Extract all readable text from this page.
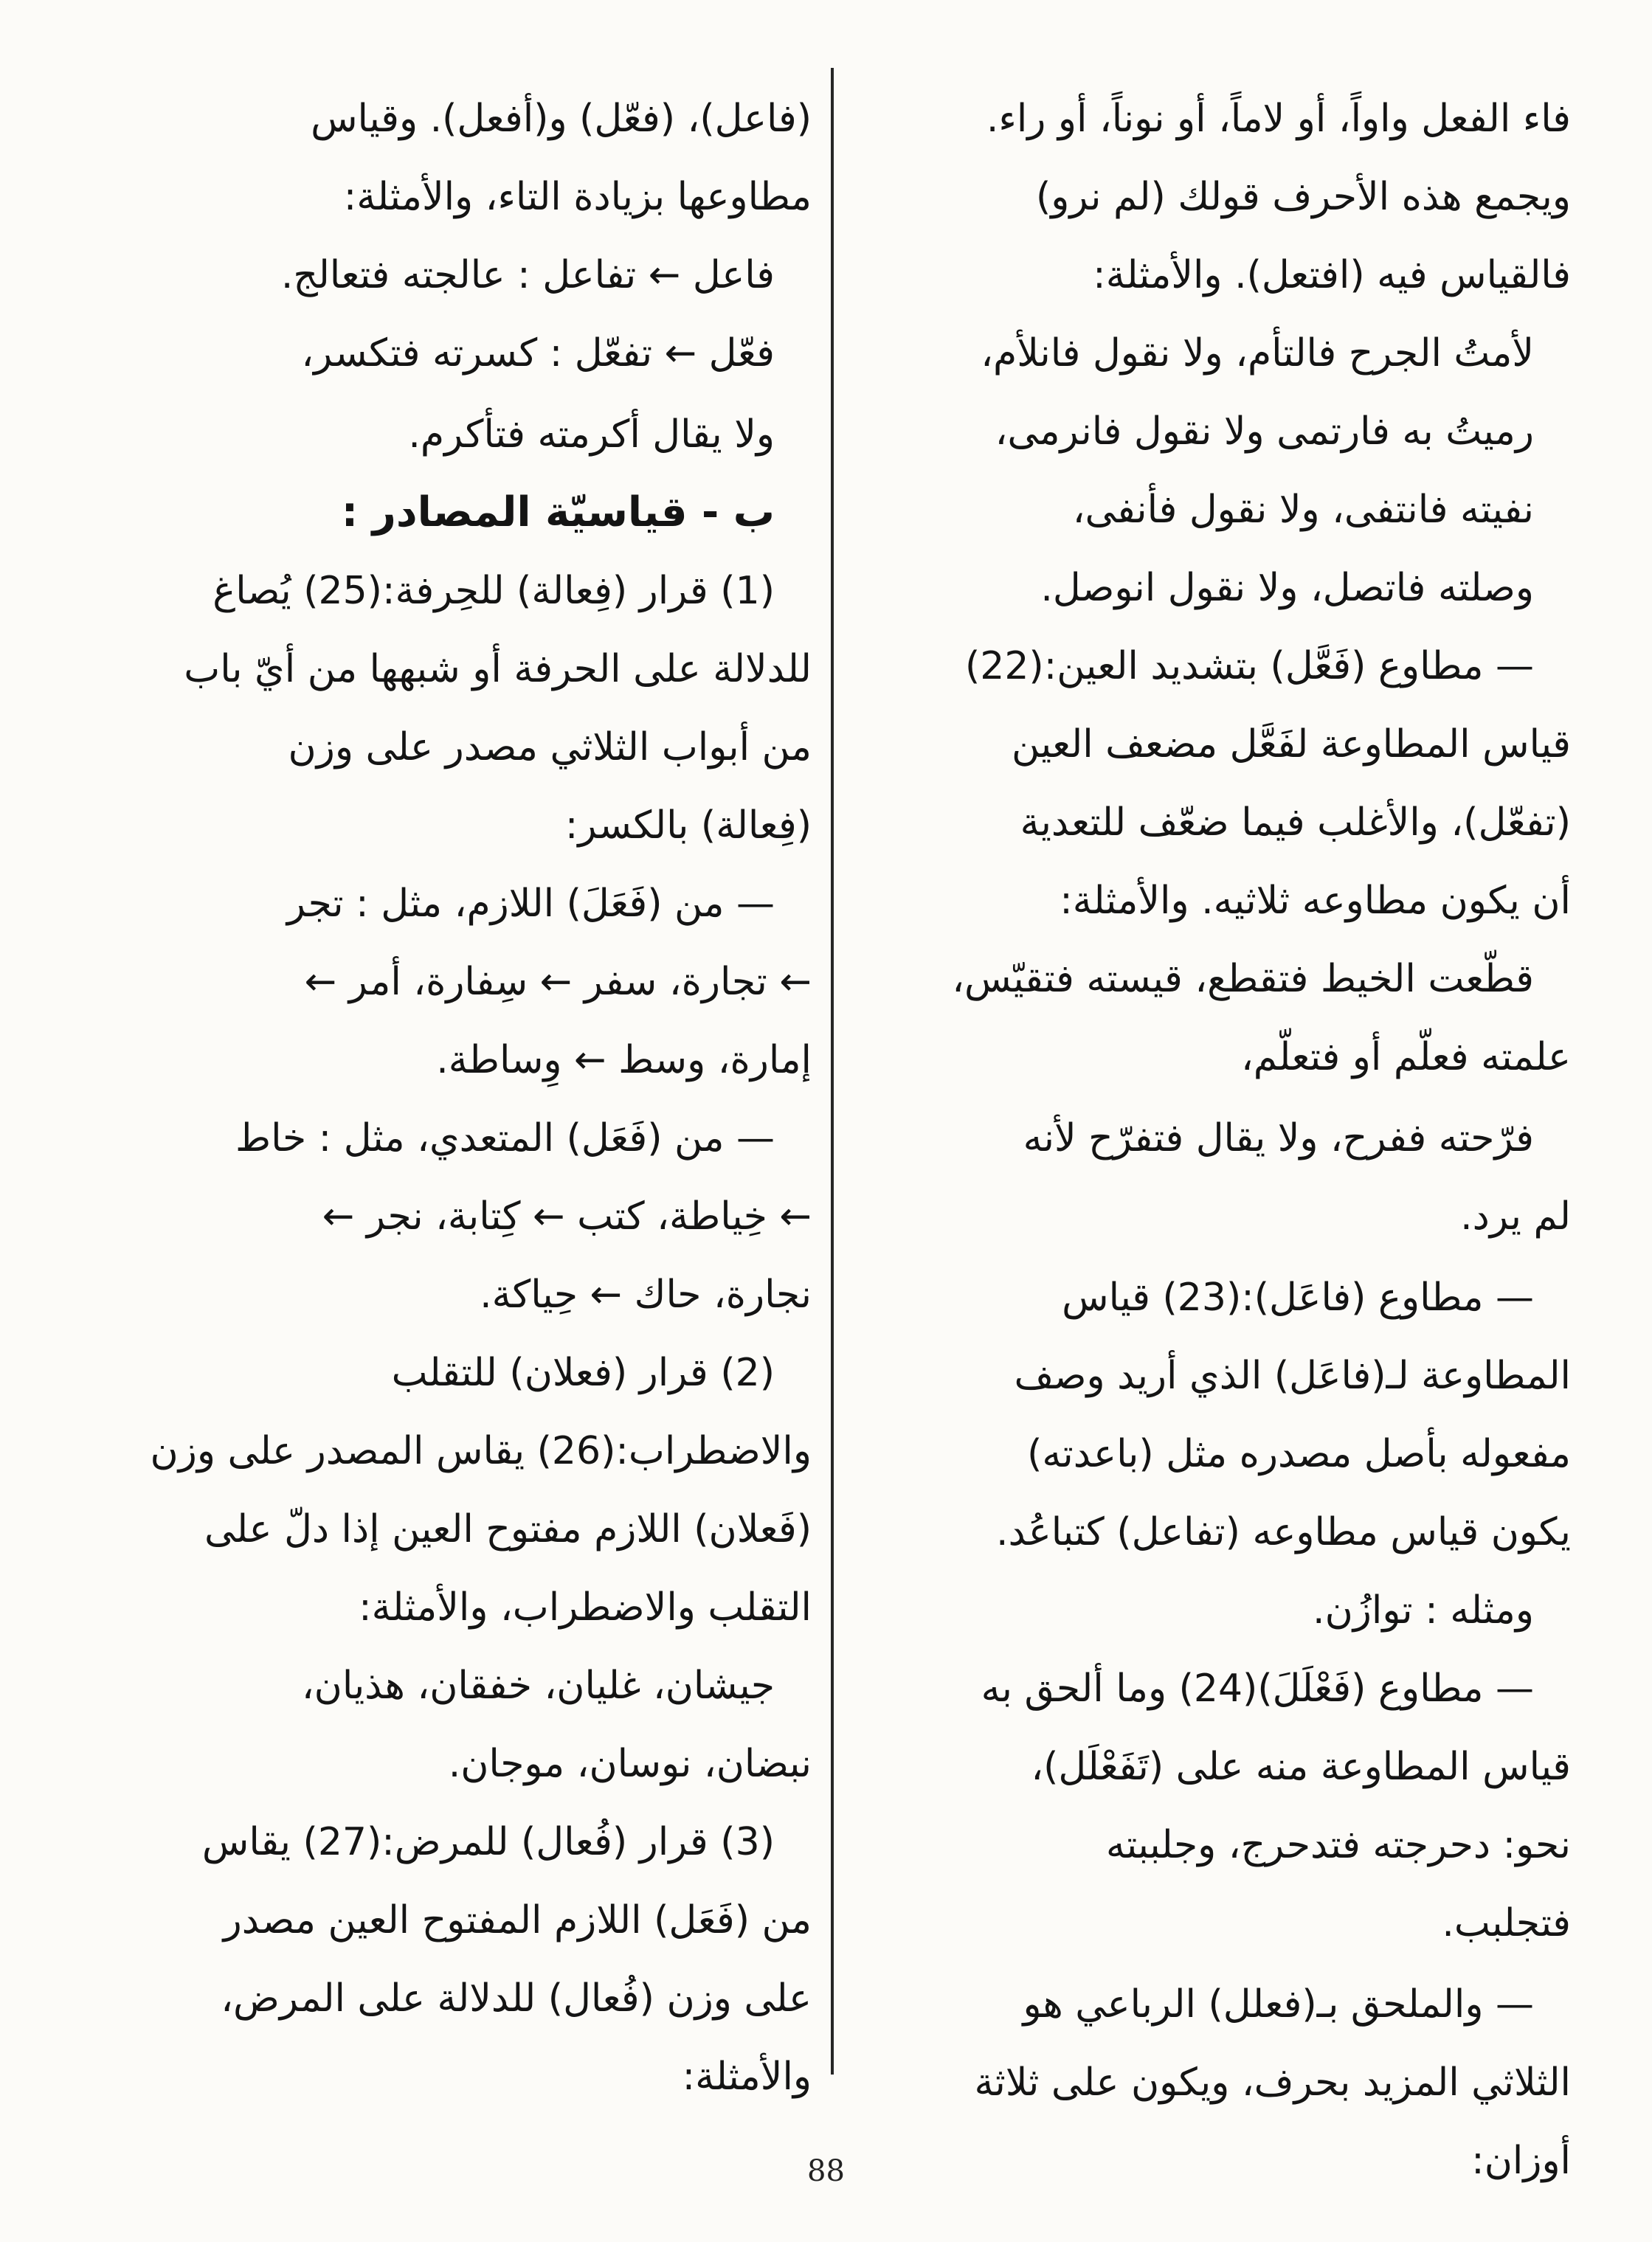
فاء الفعل واواً، أو لاماً، أو نوناً، أو راء.

ويجمع هذه الأحرف قولك (لم نرو)

فالقياس فيه (افتعل). والأمثلة:

لأمتُ الجرح فالتأم، ولا نقول فانلأم،

رميتُ به فارتمى ولا نقول فانرمى،

نفيته فانتفى، ولا نقول فأنفى،

وصلته فاتصل، ولا نقول انوصل.

— مطاوع (فَعَّل) بتشديد العين:(22)

قياس المطاوعة لفَعَّل مضعف العين

(تفعّل)، والأغلب فيما ضعّف للتعدية

أن يكون مطاوعه ثلاثيه. والأمثلة:

قطّعت الخيط فتقطع، قيسته فتقيّس،

علمته فعلّم أو فتعلّم،

فرّحته ففرح، ولا يقال فتفرّح لأنه

لم يرد.

— مطاوع (فاعَل):(23) قياس

المطاوعة لـ(فاعَل) الذي أريد وصف

مفعوله بأصل مصدره مثل (باعدته)

يكون قياس مطاوعه (تفاعل) كتباعُد.

ومثله : توازُن.

— مطاوع (فَعْلَلَ)(24) وما ألحق به

قياس المطاوعة منه على (تَفَعْلَل)،

نحو: دحرجته فتدحرج، وجلببته

فتجلبب.

— والملحق بـ(فعلل) الرباعي هو

الثلاثي المزيد بحرف، ويكون على ثلاثة

أوزان:

(فاعل)، (فعّل) و(أفعل). وقياس

مطاوعها بزيادة التاء، والأمثلة:

فاعل ← تفاعل : عالجته فتعالج.

فعّل ← تفعّل : كسرته فتكسر،

ولا يقال أكرمته فتأكرم.

ب - قياسيّة المصادر :

(1) قرار (فِعالة) للحِرفة:(25) يُصاغ

للدلالة على الحرفة أو شبهها من أيّ باب

من أبواب الثلاثي مصدر على وزن

(فِعالة) بالكسر:

— من (فَعَلَ) اللازم، مثل : تجر

← تجارة، سفر ← سِفارة، أمر ←

إمارة، وسط ← وِساطة.

— من (فَعَل) المتعدي، مثل : خاط

← خِياطة، كتب ← كِتابة، نجر ←

نجارة، حاك ← حِياكة.

(2) قرار (فعلان) للتقلب

والاضطراب:(26) يقاس المصدر على وزن

(فَعلان) اللازم مفتوح العين إذا دلّ على

التقلب والاضطراب، والأمثلة:

جيشان، غليان، خفقان، هذيان،

نبضان، نوسان، موجان.

(3) قرار (فُعال) للمرض:(27) يقاس

من (فَعَل) اللازم المفتوح العين مصدر

على وزن (فُعال) للدلالة على المرض،

والأمثلة:

88
